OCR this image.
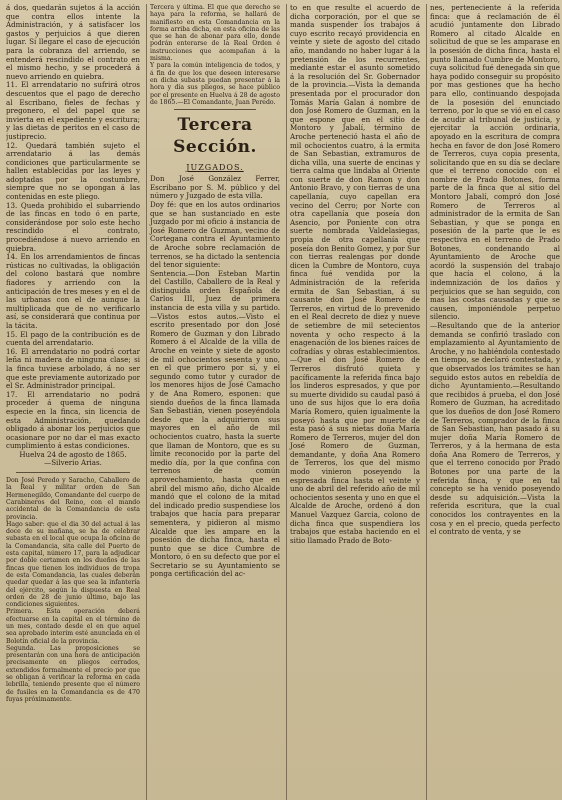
á dos, quedarán sujetos á la acción que contra ellos intente la Administración, y á satisfacer los gastos y perjuicios á que dieren lugar. Si llegare el caso de ejecución para la cobranza del arriendo, se entenderá rescindido el contrato en el mismo hecho, y se procederá á nuevo arriendo en quiebra.

11. El arrendatario no sufrirá otros descuentos que el pago de derecho al Escribano, fieles de fechas y pregonero, el del papel que se invierta en el expediente y escritura; y las dietas de peritos en el caso de justiprecio.

12. Quedará también sujeto el arrendatario á las demás condiciones que particularmente se hallen establecidas por las leyes y adoptadas por la costumbre, siempre que no se opongan á las contenidas en este pliego.

13. Queda prohibido el subarriendo de las fincas en todo ó en parte, considerándose por solo este hecho rescindido el contrato, procediéndose á nuevo arriendo en quiebra.

14. En los arrendamientos de fincas rústicas no cultivadas, la obligación del colono bastará que nombre fiadores y arriendo con la anticipación de tres meses y en el de las urbanas con el de aunque la multiplicada que de no verificarlo así, se considerará que continua por la tácita.

15. El pago de la contribución es de cuenta del arrendatario.

16. El arrendatario no podrá cortar leña ni madera de ninguna clase; si la finca tuviese arbolado, á no ser que este previamente autorizado por el Sr. Administrador principal.

17. El arrendatario no podrá proceder á quema de ninguna especie en la finca, sin licencia de esta Administración, quedando obligado á abonar los perjuicios que ocasionare por no dar el mas exacto cumplimiento á estas condiciones.

Huelva 24 de agosto de 1865.

—Silverio Arias.

Don José Peredo y Saracho, Caballero de la Real y militar orden de San Hermenegildo, Comandante del cuerpo de Carabineros del Reino, con el mando accidental de la Comandancia de esta provincia.

Hago saber: que el dia 30 del actual á las doce de su mañana, se ha de celebrar subasta en el local que ocupa la oficina de la Comandancia, sita calle del Puerto de esta capital, número 17, para la adjudicar por doble certamen en los dueños de las fincas que tienen los individuos de tropa de esta Comandancia, las cuales deberán quedar quedar á las que sea la infantería del ejército, según la dispuesta en Real orden de 28 de junio último, bajo las condiciones siguientes.

Primera. Esta operación deberá efectuarse en la capital en el término de un mes, contado desde el en que aquel sea aprobado interim esté anunciada en el Boletín oficial de la provincia.

Segunda. Las proposiciones se presentarán con una hora de anticipación precisamente en pliegos cerrados, extendidos formalmente el precio por que se obligan á verificar la reforma en cada lebrilla, teniendo presente que el número de fusiles en la Comandancia es de 470 fuyas próximamente.

Tercera y última. El que que derecho se haya para la reforma, se hallará de manifiesto en esta Comandancia en la forma arriba dicha, en esta oficina de las que se han de abonar para ello, donde podrán enterarse de la Real Orden é instrucciones que acompañan á la misma.

Y para la común inteligencia de todos, y á fin de que los que deseen interesarse en dicha subasta puedan presentar á la hora y día sus pliegos, se hace público por el presente en Huelva á 28 de agosto de 1865.—El Comandante, Juan Peredo.

Tercera Sección.
JUZGADOS.

Don José González Ferrer, Escribano por S. M. público y del número y Juzgado de esta villa.

Doy fé: que en los autos ordinarios que se han sustanciado en este Juzgado por mi oficio á instancia de José Romero de Guzman, vecino de Cortegana contra el Ayuntamiento de Aroche sobre reclamación de terrenos, se ha dictado la sentencia del tenor siguiente:

Sentencia.—Don Esteban Martin del Castillo, Caballero de la Real y distinguida orden Española de Carlos III, Juez de primera instancia de esta villa y su partido.—Vistos estos autos.—Visto el escrito presentado por don José Romero de Guzman y don Librado Romero á el Alcalde de la villa de Aroche en veinte y siete de agosto de mil ochocientos sesenta y uno, en el que primero por sí, y el segundo como tutor y curador de los menores hijos de José Camacho y de Ana Romero, esponen: que siendo dueños de la finca llamada San Sebastián, vienen poseyéndola desde que la adquirieron sus mayores en el año de mil ochocientos cuatro, hasta la suerte que llaman de Montoro, que es su límite reconocido por la parte del medio día, por la que confina con terrenos de común aprovechamiento, hasta que en abril del mismo año, dicho Alcalde mandó que el colono de la mitad del indicado predio suspendiese los trabajos que hacía para preparar sementera, y pidieron al mismo Alcalde que les ampare en la posesión de dicha finca, hasta el punto que se dice Cumbre de Montoro, ó en su defecto que por el Secretario se su Ayuntamiento se ponga certificación del ac-

to en que resulte el acuerdo de dicha corporación, por el que se manda suspender los trabajos á cuyo escrito recayó providencia en veinte y siete de agosto del citado año, mandando no haber lugar á la pretensión de los recurrentes, mediante estar el asunto sometido á la resolución del Sr. Gobernador de la provincia.—Vista la demanda presentada por el procurador don Tomás María Galan á nombre de don José Romero de Guzman, en la que espone que en el sitio de Montoro y Jabalí, término de Aroche perteneció hasta el año de mil ochocientos cuatro, á la ermita de San Sebastian, extramuros de dicha villa, una suerte de encinas y tierra calma que lindaba al Oriente con suerte de don Ramon y don Antonio Bravo, y con tierras de una capellanía, cuyo capellan era vecino del Cerro; por Norte con otra capellanía que poseía don Asencio, por Poniente con otra suerte nombrada Valdelasiegas, propia de otra capellanía que poseía don Benito Gomez, y por Sur con tierras realengas por donde dicen la Cumbre de Montoro, cuya finca fué vendida por la Administración de la referida ermita de San Sebastian, á su causante don José Romero de Terreros, en virtud de lo prevenido en el Real decreto de diez y nueve de setiembre de mil setecientos noventa y ocho respecto á la enagenación de los bienes raíces de cofradías y obras establecimientos.—Que el don José Romero de Terreros disfrutó quieta y pacíficamente la referida finca bajo los linderos espresados, y que por su muerte dividido su caudal pasó á uno de sus hijos que lo era doña María Romero, quien igualmente la poseyó hasta que por muerte de esta pasó á sus nietas doña María Romero de Terreros, mujer del don José Romero de Guzman, demandante, y doña Ana Romero de Terreros, los que del mismo modo vinieron poseyendo la espresada finca hasta el veinte y uno de abril del referido año de mil ochocientos sesenta y uno en que el Alcalde de Aroche, ordenó á don Manuel Vazquez Garcia, colono de dicha finca que suspendiera los trabajos que estaba haciendo en el sitio llamado Prado de Boto-

nes, perteneciente á la referida finca: que á reclamación de él acudió juntamente don Librado Romero al citado Alcalde en solicitud de que se les amparase en la posesión de dicha finca, hasta el punto llamado Cumbre de Montoro, cuya solicitud fué denegada sin que haya podido conseguir su propósito por mas gestiones que ha hecho para ello, continuando despojada de la posesión del enunciado terreno, por lo que se vió en el caso de acudir al tribunal de justicia, y ejercitar la acción ordinaria, apoyado en la escritura de compra hecha en favor de don José Romero de Terreros, cuya copia presenta, solicitando que en su día se declare que el terreno conocido con el nombre de Prado Botones, forma parte de la finca que al sitio del Montoro Jabalí, compró don José Romero de Terreros al administrador de la ermita de San Sebastian, y que se ponga en posesión de la parte que le es respectiva en el terreno de Prado Botones, condenando al Ayuntamiento de Aroche que acordó la suspensión del trabajo que hacía el colono, á la indemnización de los daños y perjuicios que se han seguido, con mas las costas causadas y que se causen, imponiéndole perpetuo silencio.

—Resultando que de la anterior demanda se confirió traslado con emplazamiento al Ayuntamiento de Aroche, y no habiéndola contestado en tiempo, se declaró contestada, y que observados los trámites se han seguido estos autos en rebeldía de dicho Ayuntamiento.—Resultando que recibidos á prueba, el don José Romero de Guzman, ha acreditado que los dueños de don José Romero de Terreros, comprador de la finca de San Sebastian, han pasado á su mujer doña María Romero de Terreros, y á la hermana de esta doña Ana Romero de Terreros, y que el terreno conocido por Prado Botones por una parte de la referida finca, y que en tal concepto se ha venido poseyendo desde su adquisición.—Vista la referida escritura, que la cual conocidos los contrayentes en la cosa y en el precio, queda perfecto el contrato de venta, y se
